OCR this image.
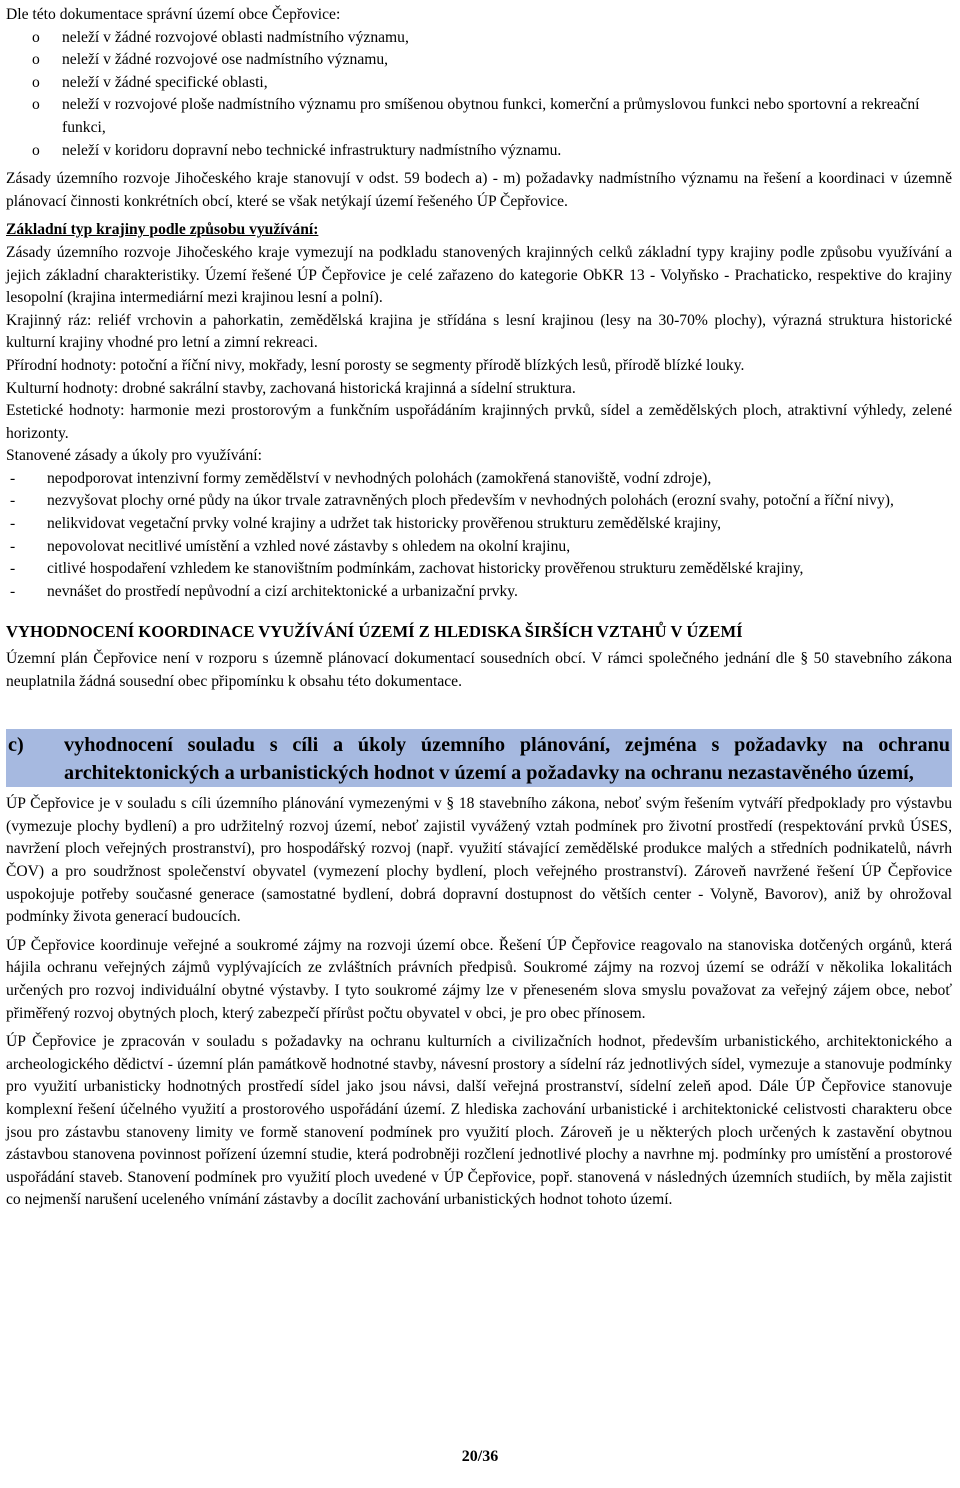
Dle této dokumentace správní území obce Čepřovice:

o neleží v žádné rozvojové oblasti nadmístního významu,
o neleží v žádné rozvojové ose nadmístního významu,
o neleží v žádné specifické oblasti,
o neleží v rozvojové ploše nadmístního významu pro smíšenou obytnou funkci, komerční a průmyslovou funkci nebo sportovní a rekreační funkci,
o neleží v koridoru dopravní nebo technické infrastruktury nadmístního významu.

Zásady územního rozvoje Jihočeského kraje stanovují v odst. 59 bodech a) - m) požadavky nadmístního významu na řešení a koordinaci v územně plánovací činnosti konkrétních obcí, které se však netýkají území řešeného ÚP Čepřovice.

Základní typ krajiny podle způsobu využívání:

Zásady územního rozvoje Jihočeského kraje vymezují na podkladu stanovených krajinných celků základní typy krajiny podle způsobu využívání a jejich základní charakteristiky. Území řešené ÚP Čepřovice je celé zařazeno do kategorie ObKR 13 - Volyňsko - Prachaticko, respektive do krajiny lesopolní (krajina intermediární mezi krajinou lesní a polní).

Krajinný ráz: reliéf vrchovin a pahorkatin, zemědělská krajina je střídána s lesní krajinou (lesy na 30-70% plochy), výrazná struktura historické kulturní krajiny vhodné pro letní a zimní rekreaci.

Přírodní hodnoty: potoční a říční nivy, mokřady, lesní porosty se segmenty přírodě blízkých lesů, přírodě blízké louky.

Kulturní hodnoty: drobné sakrální stavby, zachovaná historická krajinná a sídelní struktura.

Estetické hodnoty: harmonie mezi prostorovým a funkčním uspořádáním krajinných prvků, sídel a zemědělských ploch, atraktivní výhledy, zelené horizonty.

Stanovené zásady a úkoly pro využívání:

- nepodporovat intenzivní formy zemědělství v nevhodných polohách (zamokřená stanoviště, vodní zdroje),
- nezvyšovat plochy orné půdy na úkor trvale zatravněných ploch především v nevhodných polohách (erozní svahy, potoční a říční nivy),
- nelikvidovat vegetační prvky volné krajiny a udržet tak historicky prověřenou strukturu zemědělské krajiny,
- nepovolovat necitlivé umístění a vzhled nové zástavby s ohledem na okolní krajinu,
- citlivé hospodaření vzhledem ke stanovištním podmínkám, zachovat historicky prověřenou strukturu zemědělské krajiny,
- nevnášet do prostředí nepůvodní a cizí architektonické a urbanizační prvky.

VYHODNOCENÍ KOORDINACE VYUŽÍVÁNÍ ÚZEMÍ Z HLEDISKA ŠIRŠÍCH VZTAHŮ V ÚZEMÍ

Územní plán Čepřovice není v rozporu s územně plánovací dokumentací sousedních obcí. V rámci společného jednání dle § 50 stavebního zákona neuplatnila žádná sousední obec připomínku k obsahu této dokumentace.

c)	vyhodnocení souladu s cíli a úkoly územního plánování, zejména s požadavky na ochranu architektonických a urbanistických hodnot v území a požadavky na ochranu nezastavěného území,

ÚP Čepřovice je v souladu s cíli územního plánování vymezenými v § 18 stavebního zákona, neboť svým řešením vytváří předpoklady pro výstavbu (vymezuje plochy bydlení) a pro udržitelný rozvoj území, neboť zajistil vyvážený vztah podmínek pro životní prostředí (respektování prvků ÚSES, navržení ploch veřejných prostranství), pro hospodářský rozvoj (např. využití stávající zemědělské produkce malých a středních podnikatelů, návrh ČOV) a pro soudržnost společenství obyvatel (vymezení plochy bydlení, ploch veřejného prostranství). Zároveň navržené řešení ÚP Čepřovice uspokojuje potřeby současné generace (samostatné bydlení, dobrá dopravní dostupnost do větších center - Volyně, Bavorov), aniž by ohrožoval podmínky života generací budoucích.

ÚP Čepřovice koordinuje veřejné a soukromé zájmy na rozvoji území obce. Řešení ÚP Čepřovice reagovalo na stanoviska dotčených orgánů, která hájila ochranu veřejných zájmů vyplývajících ze zvláštních právních předpisů. Soukromé zájmy na rozvoj území se odráží v několika lokalitách určených pro rozvoj individuální obytné výstavby. I tyto soukromé zájmy lze v přeneseném slova smyslu považovat za veřejný zájem obce, neboť přiměřený rozvoj obytných ploch, který zabezpečí přírůst počtu obyvatel v obci, je pro obec přínosem.

ÚP Čepřovice je zpracován v souladu s požadavky na ochranu kulturních a civilizačních hodnot, především urbanistického, architektonického a archeologického dědictví - územní plán památkově hodnotné stavby, návesní prostory a sídelní ráz jednotlivých sídel, vymezuje a stanovuje podmínky pro využití urbanisticky hodnotných prostředí sídel jako jsou návsi, další veřejná prostranství, sídelní zeleň apod. Dále ÚP Čepřovice stanovuje komplexní řešení účelného využití a prostorového uspořádání území. Z hlediska zachování urbanistické i architektonické celistvosti charakteru obce jsou pro zástavbu stanoveny limity ve formě stanovení podmínek pro využití ploch. Zároveň je u některých ploch určených k zastavění obytnou zástavbou stanovena povinnost pořízení územní studie, která podrobněji rozčlení jednotlivé plochy a navrhne mj. podmínky pro umístění a prostorové uspořádání staveb. Stanovení podmínek pro využití ploch uvedené v ÚP Čepřovice, popř. stanovená v následných územních studiích, by měla zajistit co nejmenší narušení uceleného vnímání zástavby a docílit zachování urbanistických hodnot tohoto území.

20/36
